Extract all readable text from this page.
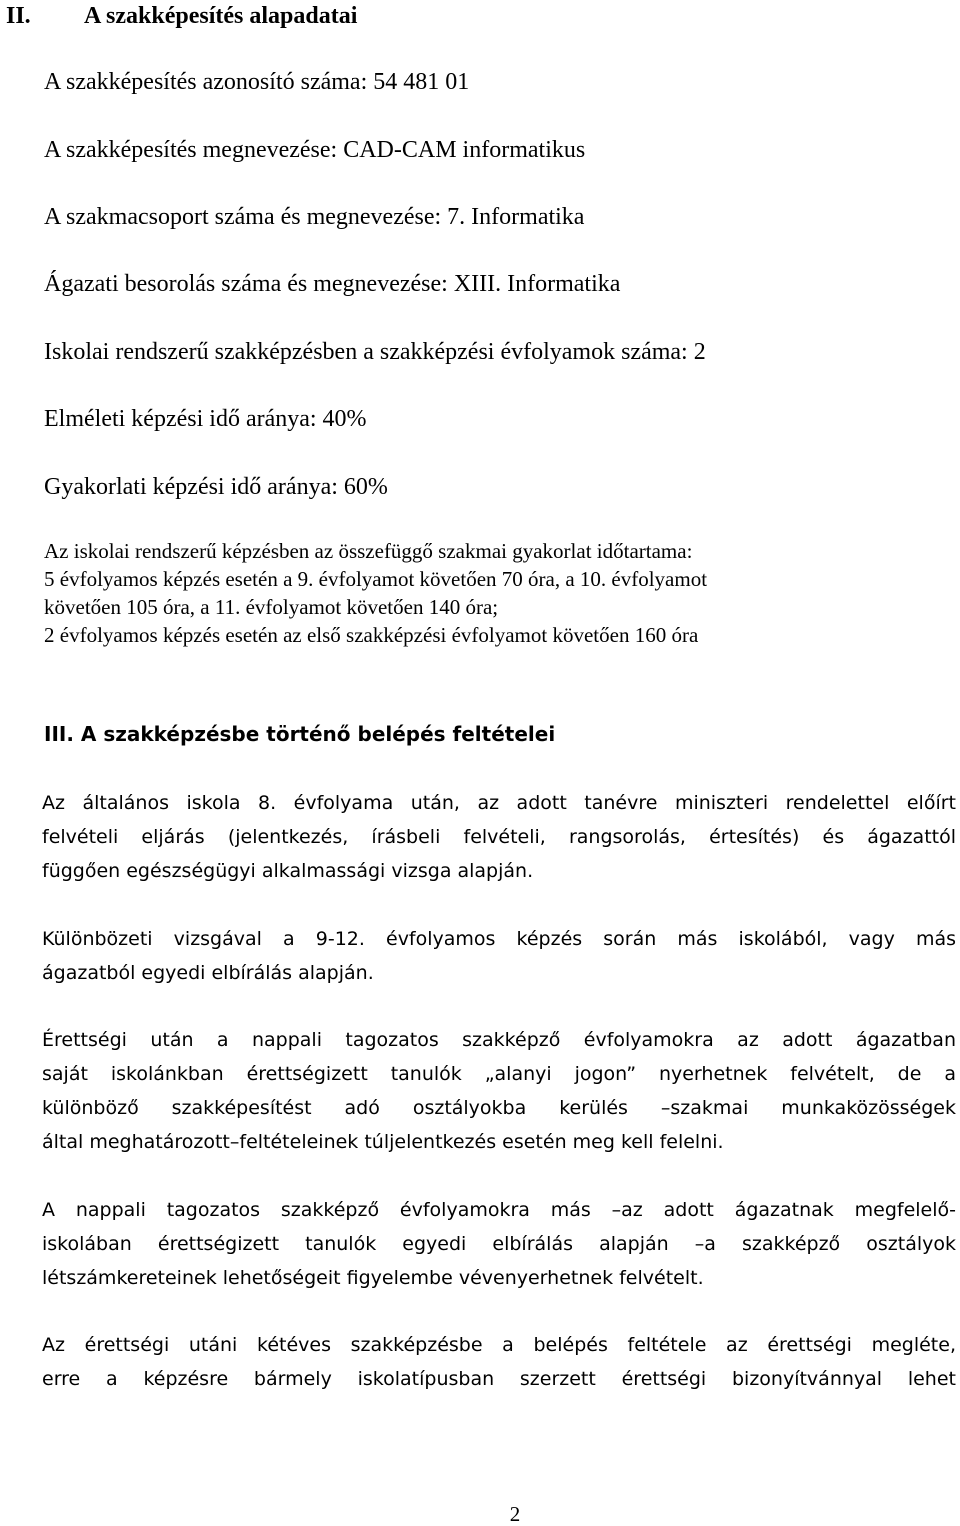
II. A szakképesítés alapadatai
A szakképesítés azonosító száma: 54 481 01
A szakképesítés megnevezése: CAD-CAM informatikus
A szakmacsoport száma és megnevezése: 7. Informatika
Ágazati besorolás száma és megnevezése: XIII. Informatika
Iskolai rendszerű szakképzésben a szakképzési évfolyamok száma: 2
Elméleti képzési idő aránya: 40%
Gyakorlati képzési idő aránya: 60%
Az iskolai rendszerű képzésben az összefüggő szakmai gyakorlat időtartama:
5 évfolyamos képzés esetén a 9. évfolyamot követően 70 óra, a 10. évfolyamot
követően 105 óra, a 11. évfolyamot követően 140 óra;
2 évfolyamos képzés esetén az első szakképzési évfolyamot követően 160 óra
III. A szakképzésbe történő belépés feltételei
Az általános iskola 8. évfolyama után, az adott tanévre miniszteri rendelettel előírt
felvételi eljárás (jelentkezés, írásbeli felvételi, rangsorolás, értesítés) és ágazattól
függően egészségügyi alkalmassági vizsga alapján.
Különbözeti vizsgával a 9-12. évfolyamos képzés során más iskolából, vagy más
ágazatból egyedi elbírálás alapján.
Érettségi után a nappali tagozatos szakképző évfolyamokra az adott ágazatban
saját iskolánkban érettségizett tanulók „alanyi jogon” nyerhetnek felvételt, de a
különböző szakképesítést adó osztályokba kerülés –szakmai munkaközösségek
által meghatározott–feltételeinek túljelentkezés esetén meg kell felelni.
A nappali tagozatos szakképző évfolyamokra más –az adott ágazatnak megfelelő-
iskolában érettségizett tanulók egyedi elbírálás alapján –a szakképző osztályok
létszámkereteinek lehetőségeit figyelembe vévenyerhetnek felvételt.
Az érettségi utáni kétéves szakképzésbe a belépés feltétele az érettségi megléte,
erre a képzésre bármely iskolatípusban szerzett érettségi bizonyítvánnyal lehet
2
